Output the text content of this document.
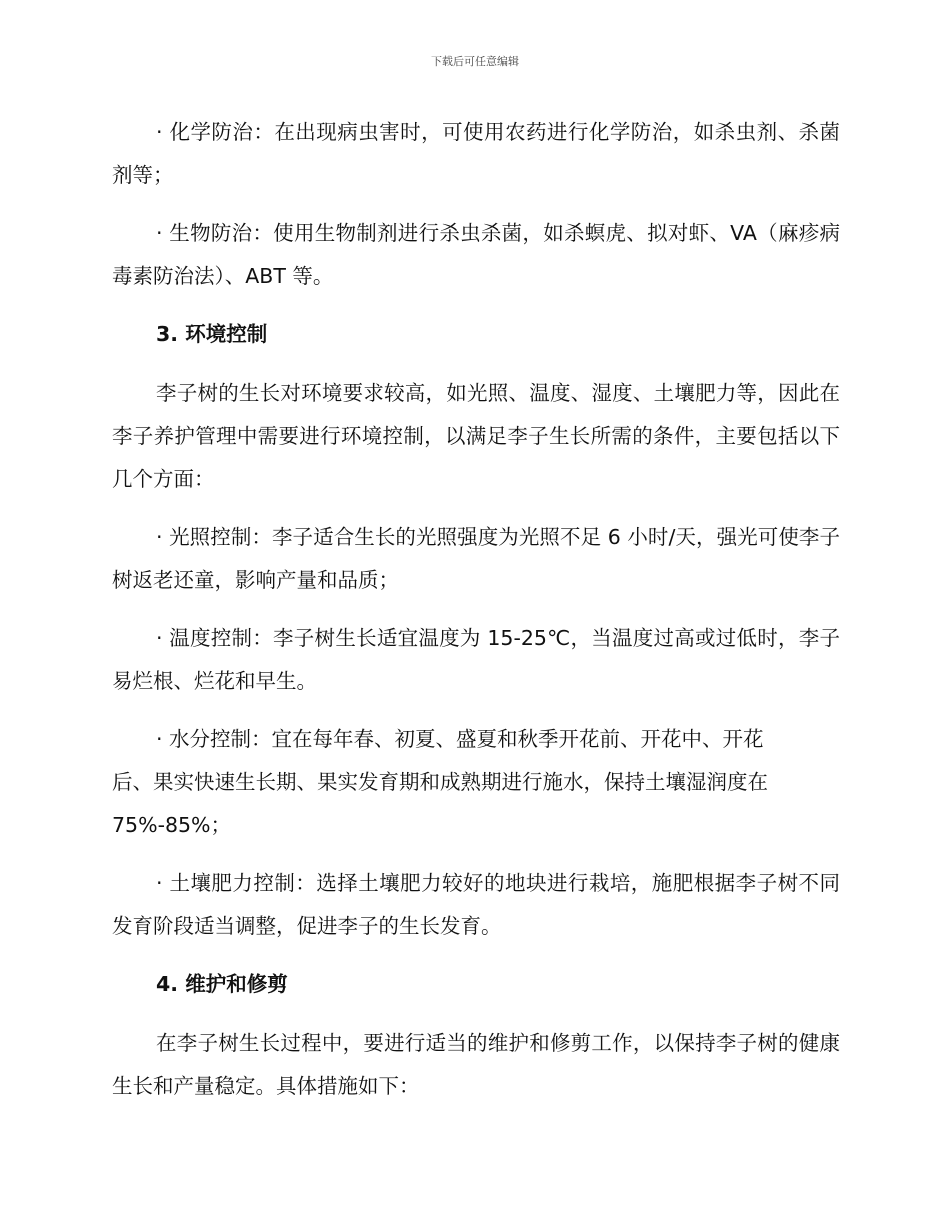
下载后可任意编辑

· 化学防治：在出现病虫害时，可使用农药进行化学防治，如杀虫剂、杀菌剂等；

· 生物防治：使用生物制剂进行杀虫杀菌，如杀螟虎、拟对虾、VA（麻疹病毒素防治法）、ABT 等。

3. 环境控制

李子树的生长对环境要求较高，如光照、温度、湿度、土壤肥力等，因此在李子养护管理中需要进行环境控制，以满足李子生长所需的条件，主要包括以下几个方面：

· 光照控制：李子适合生长的光照强度为光照不足 6 小时/天，强光可使李子树返老还童，影响产量和品质；

· 温度控制：李子树生长适宜温度为 15-25℃，当温度过高或过低时，李子易烂根、烂花和早生。

· 水分控制：宜在每年春、初夏、盛夏和秋季开花前、开花中、开花
后、果实快速生长期、果实发育期和成熟期进行施水，保持土壤湿润度在
75%-85%；

· 土壤肥力控制：选择土壤肥力较好的地块进行栽培，施肥根据李子树不同发育阶段适当调整，促进李子的生长发育。

4. 维护和修剪

在李子树生长过程中，要进行适当的维护和修剪工作，以保持李子树的健康生长和产量稳定。具体措施如下：
